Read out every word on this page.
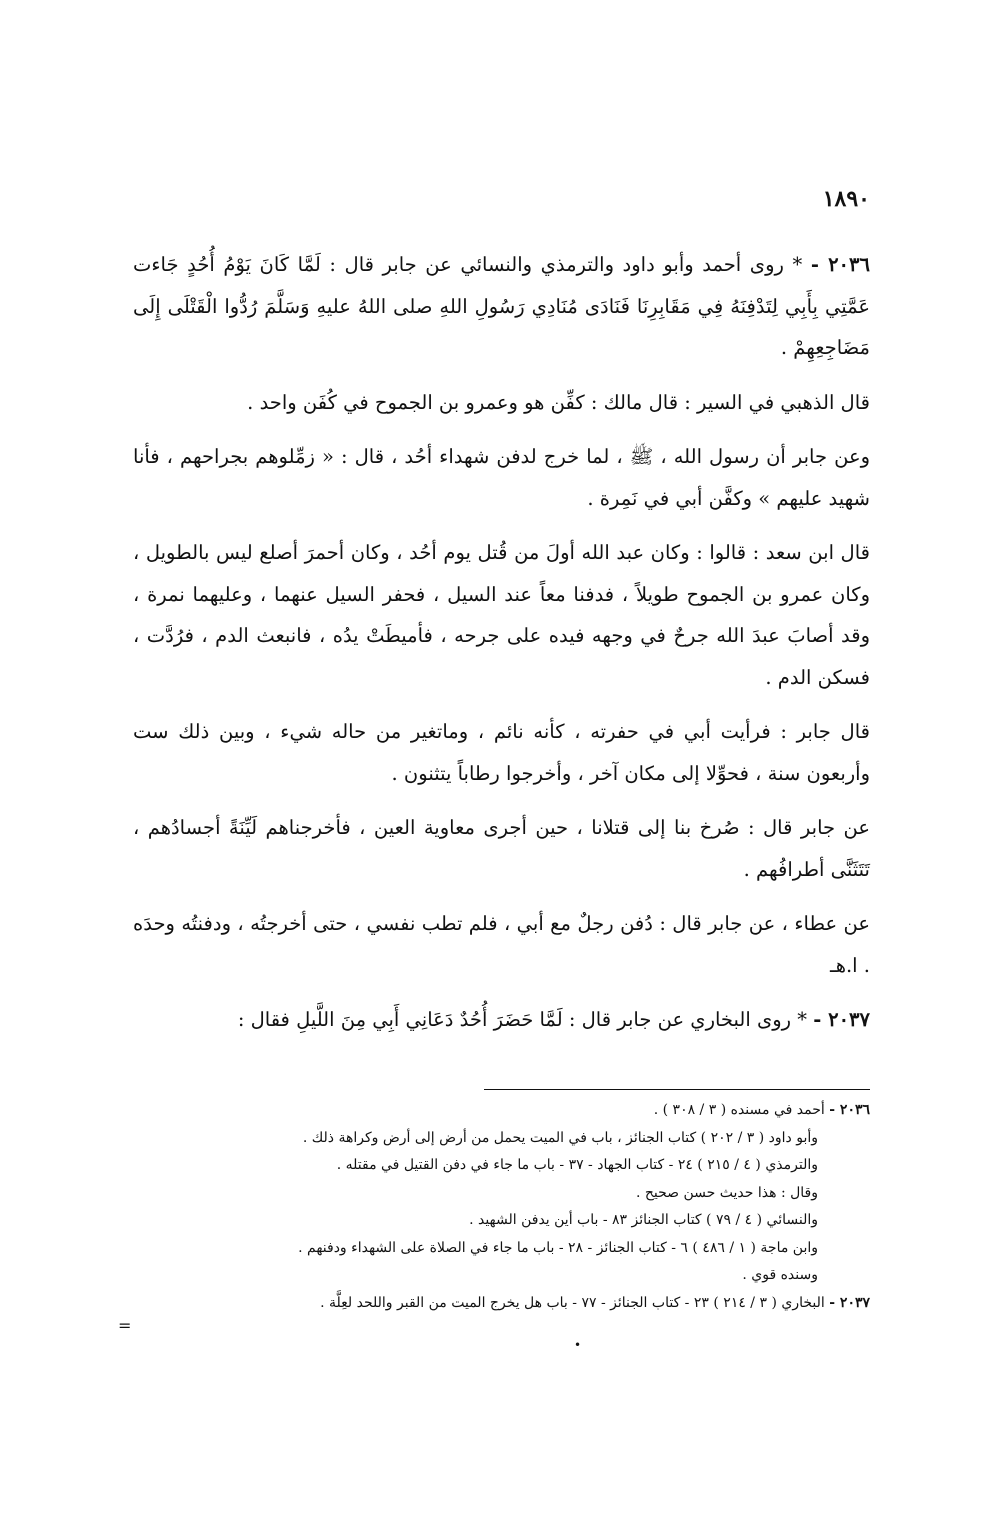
١٨٩٠

٢٠٣٦ - * روى أحمد وأبو داود والترمذي والنسائي عن جابر قال : لَمَّا كَانَ يَوْمُ أُحُدٍ جَاءت عَمَّتِي بِأَبِي لِتَدْفِنَهُ فِي مَقَابِرِنَا فَنَادَى مُنَادِي رَسُولِ اللهِ صلى اللهُ عليهِ وَسَلَّمَ رُدُّوا الْقَتْلَى إِلَى مَضَاجِعِهِمْ .

قال الذهبي في السير : قال مالك : كفِّن هو وعمرو بن الجموح في كُفَن واحد .

وعن جابر أن رسول الله ، ﷺ ، لما خرج لدفن شهداء أحُد ، قال : « زمِّلوهم بجراحهم ، فأنا شهيد عليهم » وكفَّن أبي في نَمِرة .

قال ابن سعد : قالوا : وكان عبد الله أولَ من قُتل يوم أحُد ، وكان أحمرَ أصلع ليس بالطويل ، وكان عمرو بن الجموح طويلاً ، فدفنا معاً عند السيل ، فحفر السيل عنهما ، وعليهما نمرة ، وقد أصابَ عبدَ الله جرحٌ في وجهه فيده على جرحه ، فأميطَتْ يدُه ، فانبعث الدم ، فرُدَّت ، فسكن الدم .

قال جابر : فرأيت أبي في حفرته ، كأنه نائم ، وماتغير من حاله شيء ، وبين ذلك ست وأربعون سنة ، فحوِّلا إلى مكان آخر ، وأخرجوا رطاباً يتثنون .

عن جابر قال : صُرخ بنا إلى قتلانا ، حين أجرى معاوية العين ، فأخرجناهم لَيِّنَةً أجسادُهم ، تَتَثَنَّى أطرافُهم .

عن عطاء ، عن جابر قال : دُفن رجلٌ مع أبي ، فلم تطب نفسي ، حتى أخرجتُه ، ودفنتُه وحدَه . ا.هـ

٢٠٣٧ - * روى البخاري عن جابر قال : لَمَّا حَضَرَ أُحُدٌ دَعَانِي أَبِي مِنَ اللَّيلِ فقال :

٢٠٣٦ - أحمد في مسنده ( ٣ / ٣٠٨ ) .

وأبو داود ( ٣ / ٢٠٢ ) كتاب الجنائز ، باب في الميت يحمل من أرض إلى أرض وكراهة ذلك .

والترمذي ( ٤ / ٢١٥ ) ٢٤ - كتاب الجهاد - ٣٧ - باب ما جاء في دفن القتيل في مقتله .

وقال : هذا حديث حسن صحيح .

والنسائي ( ٤ / ٧٩ ) كتاب الجنائز ٨٣ - باب أين يدفن الشهيد .

وابن ماجة ( ١ / ٤٨٦ ) ٦ - كتاب الجنائز - ٢٨ - باب ما جاء في الصلاة على الشهداء ودفنهم .

وسنده قوي .

٢٠٣٧ - البخاري ( ٣ / ٢١٤ ) ٢٣ - كتاب الجنائز - ٧٧ - باب هل يخرج الميت من القبر واللحد لعِلَّة .

=
•
